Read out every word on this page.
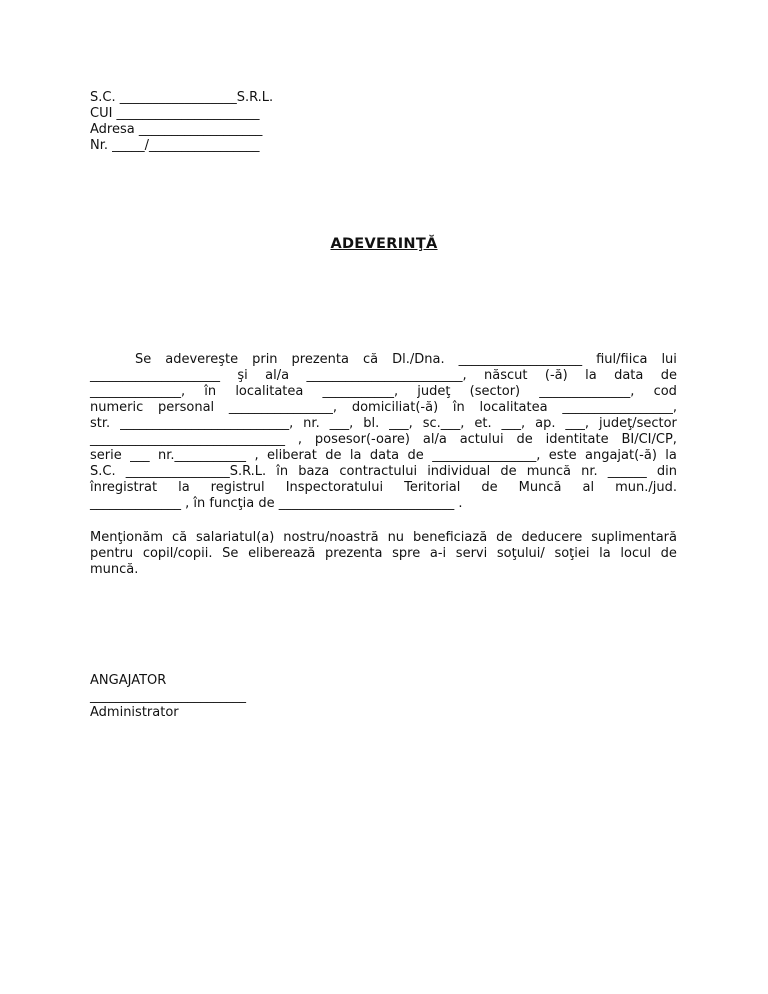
S.C. __________________S.R.L.
CUI ______________________
Adresa ___________________
Nr. _____/_________________
ADEVERINŢĂ
Se adevereşte prin prezenta că Dl./Dna. ___________________ fiul/fiica lui
____________________ şi al/a ________________________, născut (-ă) la data de
______________, în localitatea ___________, judeţ (sector) ______________, cod
numeric personal ________________, domiciliat(-ă) în localitatea _________________,
str. __________________________, nr. ___, bl. ___, sc.___, et. ___, ap. ___, judeţ/sector
______________________________ , posesor(-oare) al/a actului de identitate BI/CI/CP,
serie ___ nr.___________ , eliberat de la data de ________________, este angajat(-ă) la
S.C. ________________S.R.L. în baza contractului individual de muncă nr. ______ din
înregistrat la registrul Inspectoratului Teritorial de Muncă al mun./jud.
______________ , în funcţia de ___________________________ .
Menţionăm că salariatul(a) nostru/noastră nu beneficiază de deducere suplimentară
pentru copil/copii. Se eliberează prezenta spre a-i servi soţului/ soţiei la locul de
muncă.
ANGAJATOR
________________________
Administrator
